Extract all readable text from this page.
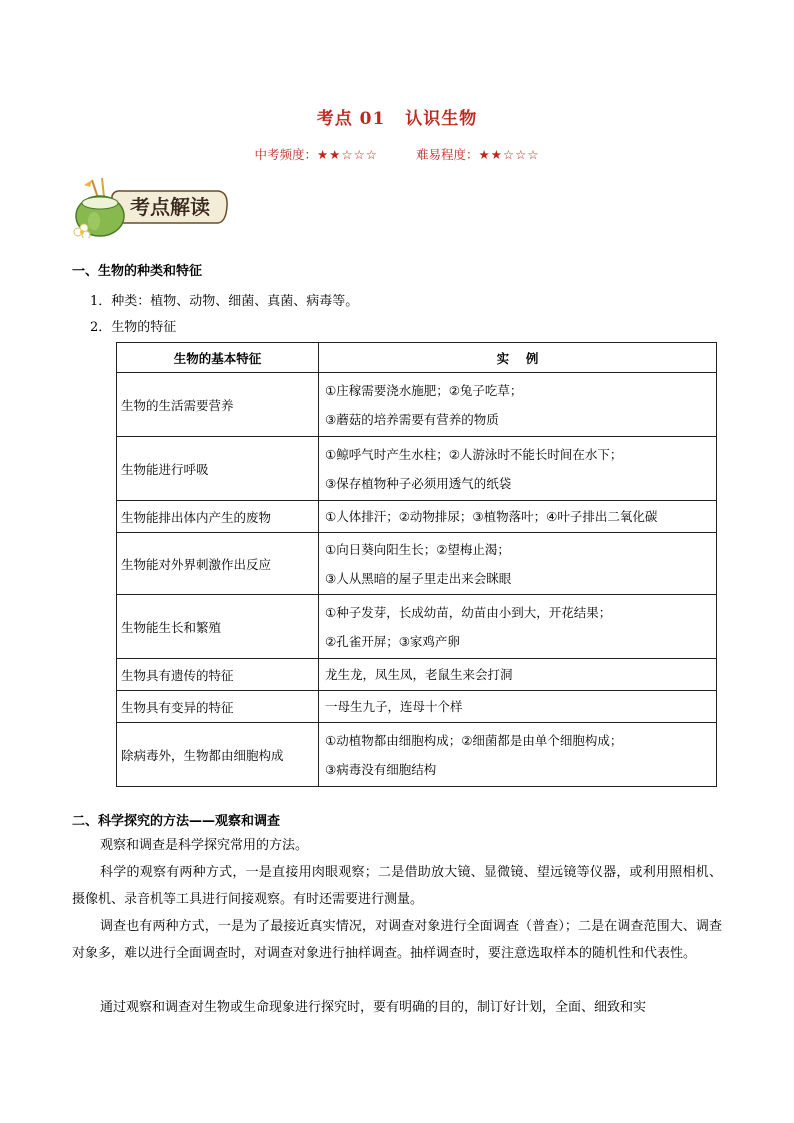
考点 01 认识生物
中考频度：★★☆☆☆	难易程度：★★☆☆☆
考点解读
一、生物的种类和特征
1．种类：植物、动物、细菌、真菌、病毒等。
2．生物的特征
生物的基本特征	实　 例
生物的生活需要营养	①庄稼需要浇水施肥；②兔子吃草；
③蘑菇的培养需要有营养的物质

生物能进行呼吸	①鲸呼气时产生水柱；②人游泳时不能长时间在水下；
③保存植物种子必须用透气的纸袋

生物能排出体内产生的废物	①人体排汗；②动物排尿；③植物落叶；④叶子排出二氧化碳

生物能对外界刺激作出反应	①向日葵向阳生长；②望梅止渴；
③人从黑暗的屋子里走出来会眯眼

生物能生长和繁殖	①种子发芽，长成幼苗，幼苗由小到大，开花结果；
②孔雀开屏；③家鸡产卵

生物具有遗传的特征	龙生龙，凤生凤，老鼠生来会打洞

生物具有变异的特征	一母生九子，连母十个样

除病毒外，生物都由细胞构成	①动植物都由细胞构成；②细菌都是由单个细胞构成；
③病毒没有细胞结构
二、科学探究的方法——观察和调查
观察和调查是科学探究常用的方法。
科学的观察有两种方式，一是直接用肉眼观察；二是借助放大镜、显微镜、望远镜等仪器，或利用照相机、摄像机、录音机等工具进行间接观察。有时还需要进行测量。
调查也有两种方式，一是为了最接近真实情况，对调查对象进行全面调查（普查）；二是在调查范围大、调查对象多，难以进行全面调查时，对调查对象进行抽样调查。抽样调查时，要注意选取样本的随机性和代表性。
通过观察和调查对生物或生命现象进行探究时，要有明确的目的，制订好计划，全面、细致和实
